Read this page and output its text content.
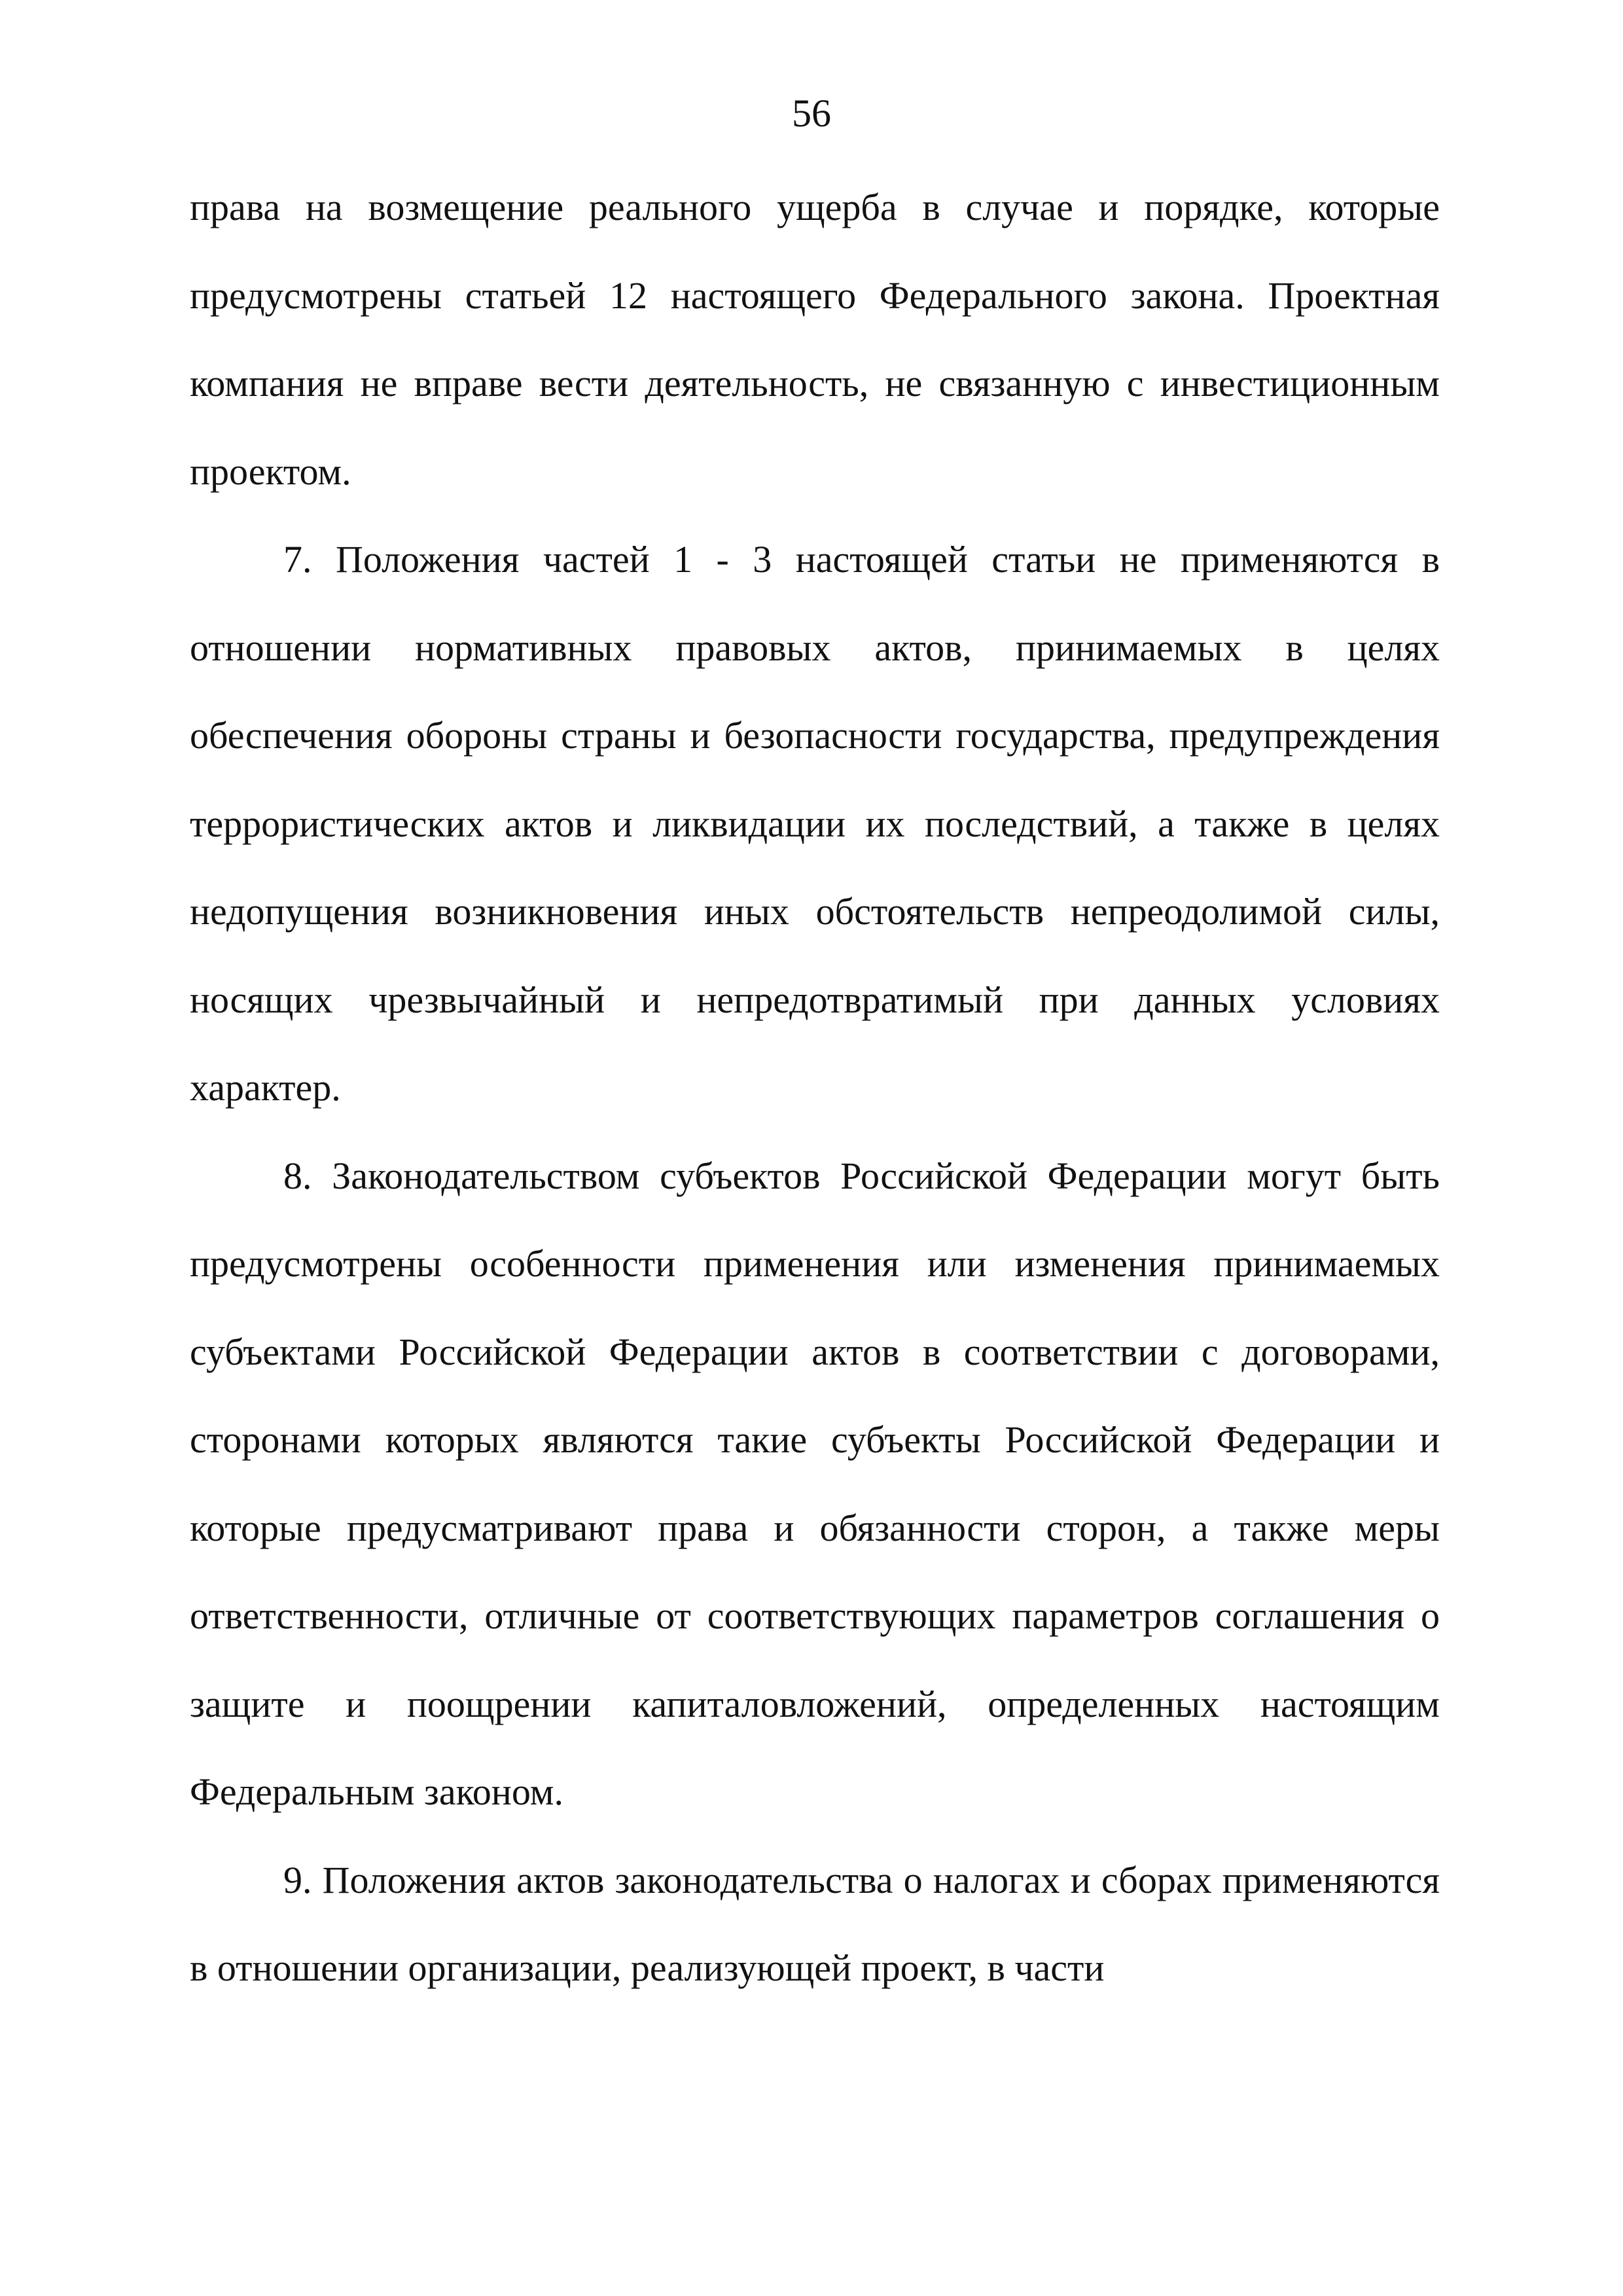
56

права на возмещение реального ущерба в случае и порядке, которые предусмотрены статьей 12 настоящего Федерального закона. Проектная компания не вправе вести деятельность, не связанную с инвестиционным проектом.

7. Положения частей 1 - 3 настоящей статьи не применяются в отношении нормативных правовых актов, принимаемых в целях обеспечения обороны страны и безопасности государства, предупреждения террористических актов и ликвидации их последствий, а также в целях недопущения возникновения иных обстоятельств непреодолимой силы, носящих чрезвычайный и непредотвратимый при данных условиях характер.

8. Законодательством субъектов Российской Федерации могут быть предусмотрены особенности применения или изменения принимаемых субъектами Российской Федерации актов в соответствии с договорами, сторонами которых являются такие субъекты Российской Федерации и которые предусматривают права и обязанности сторон, а также меры ответственности, отличные от соответствующих параметров соглашения о защите и поощрении капиталовложений, определенных настоящим Федеральным законом.

9. Положения актов законодательства о налогах и сборах применяются в отношении организации, реализующей проект, в части
